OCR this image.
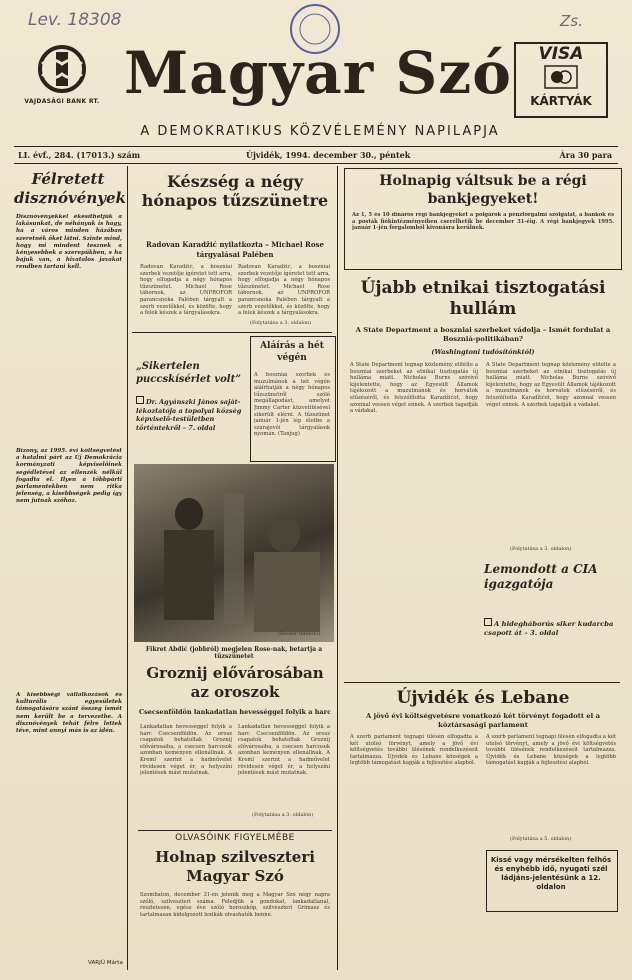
Lev. 18308	Zs.
VAJDASÁGI BANK RT. Magyar Szó
A DEMOKRATIKUS KÖZVÉLEMÉNY NAPILAPJA
VISA
KÁRTYÁK
LI. évf., 284. (17013.) szám	Újvidék, 1994. december 30., péntek	Ára 30 para
Félretett disznóvények
Disznóvényekkel ékesíthetjük a lakásunkat, de néhányuk is hagy, ha a város minden házában szeretnék őket látni. Szinte mind, hogy mi mindent tesznek a kényesebbek a szerepükben, s ha bajuk van, a hivatalos javakat rendben tartani kell.
Bizony, az 1995. évi költségvetést a hatalmi párt az Új Demokrácia kormányzati képviselőinek segédletével az ellenzék nélkül fogadta el. Ilyen a többpárti parlamentekben nem ritka jelenség, a kisebbségek pedig így nem jutnak szóhoz.
A kisebbségi vállalkozások és kulturális egyesületek támogatására szánt összeg ismét nem került be a tervezetbe. A disznóvények tehát félre lettek téve, mint annyi más is az idén.
VARJÚ Márta
Készség a négy hónapos tűzszünetre
Radovan Karadžić nyilatkozta – Michael Rose tárgyalásai Palében
Radovan Karadžić, a boszniai szerbek vezetője ígéretet tett arra, hogy elfogadja a négy hónapos tűzszünetet. Michael Rose tábornok, az UNPROFOR parancsnoka Palében tárgyalt a szerb vezetőkkel, és közölte, hogy a felek készek a tárgyalásokra.
Radovan Karadžić, a boszniai szerbek vezetője ígéretet tett arra, hogy elfogadja a négy hónapos tűzszünetet. Michael Rose tábornok, az UNPROFOR parancsnoka Palében tárgyalt a szerb vezetőkkel, és közölte, hogy a felek készek a tárgyalásokra.
(Folytatása a 3. oldalon)
„Sikertelen puccskísérlet volt”
Dr. Agyánszki János saját-lékoztatója a topolyai község képviselő-testületben történtekről – 7. oldal
Aláírás a hét végén
A boszniai szerbek és muzulmánok a hét végén aláírhatják a négy hónapos tűzszünetről szóló megállapodást, amelyet Jimmy Carter közvetítésével sikerült elérni. A tűzszünet január 1-jén lép életbe a szarajevói tárgyalások nyomán. (Tanjug)
(Reuter telefotó)
Fikret Abdić (jobbról) megjelen Rose-nak, betartja a tűzszünetet
Groznij elővárosában az oroszok
Csecsenföldön lankadatlan hevességgel folyik a harc
Lankadatlan hevességgel folyik a harc Csecsenföldön. Az orosz csapatok behatoltak Groznij elővárosaiba, a csecsen harcosok azonban keményen ellenállnak. A Kreml szerint a hadművelet rövidesen véget ér, a helyszíni jelentések mást mutatnak.
Lankadatlan hevességgel folyik a harc Csecsenföldön. Az orosz csapatok behatoltak Groznij elővárosaiba, a csecsen harcosok azonban keményen ellenállnak. A Kreml szerint a hadművelet rövidesen véget ér, a helyszíni jelentések mást mutatnak.
(Folytatása a 3. oldalon)
OLVASÓINK FIGYELMÉBE
Holnap szilveszteri Magyar Szó
Szombaton, december 31-én jelenik meg a Magyar Szó négy napra szóló, szilveszteri száma. Feledjük a gondokat, lankadatlanul, reszletesen, egész éve szóló horoszkóp, szilveszteri Grimasz és tartalmasan kidolgozott lexikák olvashatók benne.
Holnapig váltsuk be a régi bankjegyeket!
Az 1, 5 és 10 dináros régi bankjegyeket a polgárok a pénzforgalmi szolgálat, a bankok és a posták fiókintézményeiben cserélhetik be december 31-éig. A régi bankjegyek 1995. január 1-jén forgalomból kivonásra kerülnek.
Újabb etnikai tisztogatási hullám
A State Department a boszniai szerbeket vádolja – Ismét fordulat a Boszniá-politikában?
(Washingtoni tudósítónktól)
A State Department tegnap közlemény elítélte a boszniai szerbeket az etnikai tisztogatás új hulláma miatt. Nicholas Burns szóvivő kijelentette, hogy az Egyesült Államok tájékozott a muzulmánok és horvátok elűzéséről, és felszólította Karadžićot, hogy azonnal vessen véget ennek. A szerbek tagadják a vádakat.
A State Department tegnap közlemény elítélte a boszniai szerbeket az etnikai tisztogatás új hulláma miatt. Nicholas Burns szóvivő kijelentette, hogy az Egyesült Államok tájékozott a muzulmánok és horvátok elűzéséről, és felszólította Karadžićot, hogy azonnal vessen véget ennek. A szerbek tagadják a vádakat.
(Folytatása a 3. oldalon)
Lemondott a CIA igazgatója
A hidegháborús siker kudarcba csapott át – 3. oldal
Újvidék és Lebane
A jövő évi költségvetésre vonatkozó két törvényt fogadott el a köztársasági parlament
A szerb parlament tegnapi ülésén elfogadta a két utolsó törvényt, amely a jövő évi költségvetés további ülésének rendelkezéseit tartalmazza. Újvidék és Lebane községek a legtöbb támogatást kapják a fejlesztési alapból.
A szerb parlament tegnapi ülésén elfogadta a két utolsó törvényt, amely a jövő évi költségvetés további ülésének rendelkezéseit tartalmazza. Újvidék és Lebane községek a legtöbb támogatást kapják a fejlesztési alapból.
(Folytatása a 5. oldalon)
Kissé vagy mérsékelten felhős és enyhébb idő, nyugati szél ládjáns-jelentésünk a 12. oldalon
